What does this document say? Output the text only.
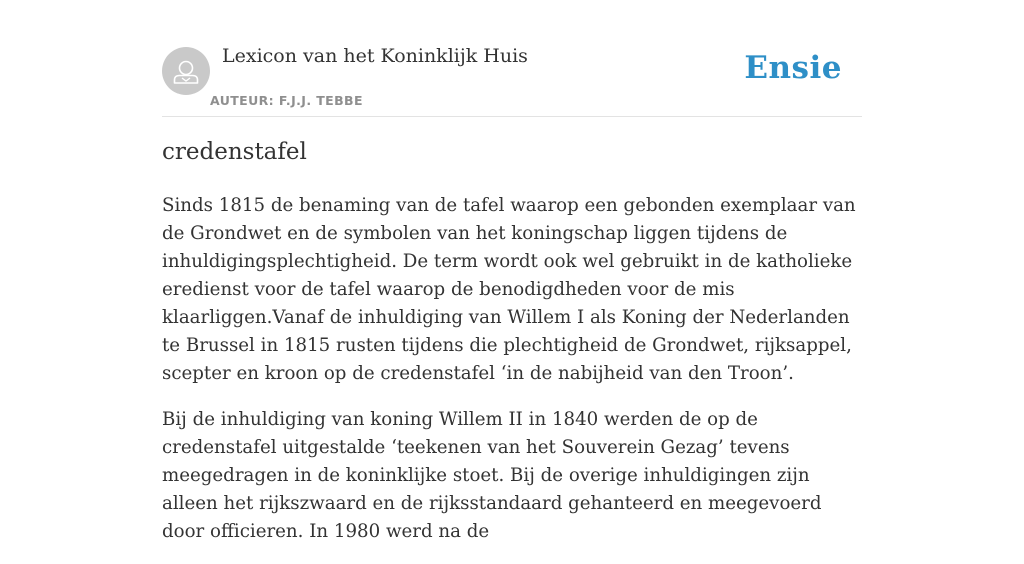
Lexicon van het Koninklijk Huis
AUTEUR: F.J.J. TEBBE
Ensie
credenstafel

Sinds 1815 de benaming van de tafel waarop een gebonden exemplaar van de Grondwet en de symbolen van het koningschap liggen tijdens de inhuldigingsplechtigheid. De term wordt ook wel gebruikt in de katholieke eredienst voor de tafel waarop de benodigdheden voor de mis klaarliggen.Vanaf de inhuldiging van Willem I als Koning der Nederlanden te Brussel in 1815 rusten tijdens die plechtigheid de Grondwet, rijksappel, scepter en kroon op de credenstafel ‘in de nabijheid van den Troon’.

Bij de inhuldiging van koning Willem II in 1840 werden de op de credenstafel uitgestalde ‘teekenen van het Souverein Gezag’ tevens meegedragen in de koninklijke stoet. Bij de overige inhuldigingen zijn alleen het rijkszwaard en de rijksstandaard gehanteerd en meegevoerd door officieren. In 1980 werd na de
